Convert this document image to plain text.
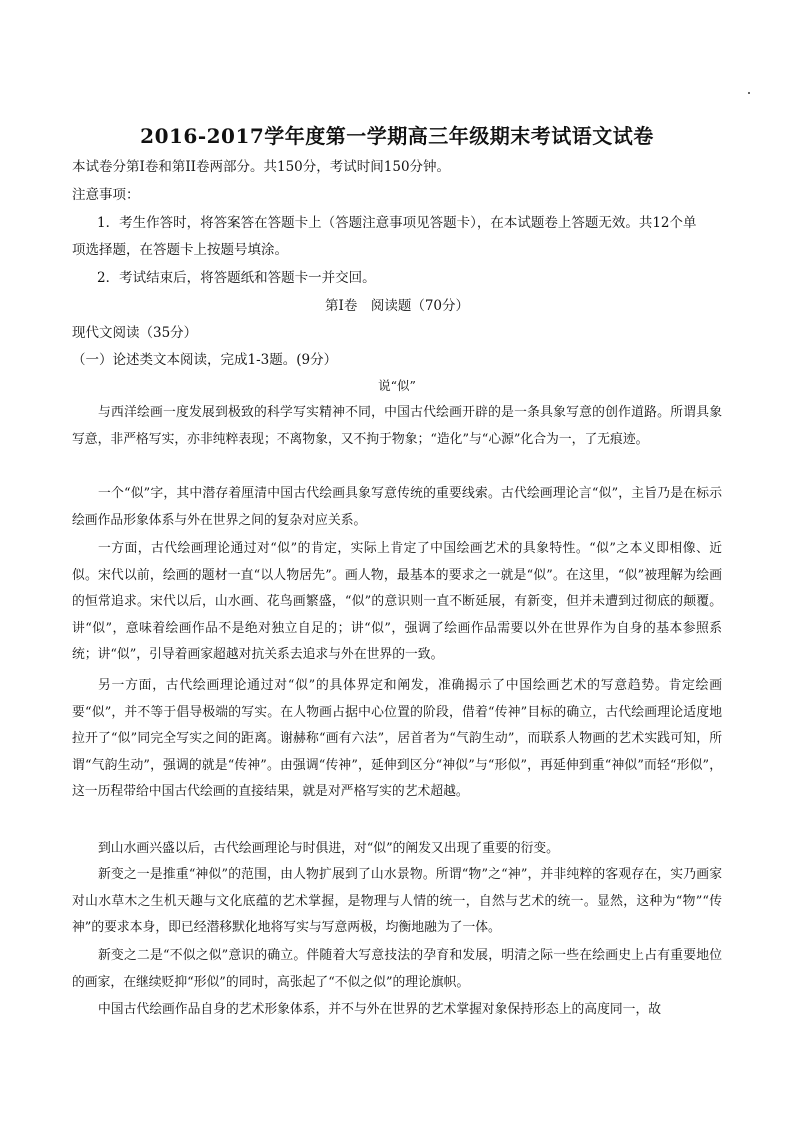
2016-2017学年度第一学期高三年级期末考试语文试卷
本试卷分第I卷和第II卷两部分。共150分，考试时间150分钟。
注意事项：
1．考生作答时，将答案答在答题卡上（答题注意事项见答题卡），在本试题卷上答题无效。共12个单
项选择题，在答题卡上按题号填涂。
2．考试结束后，将答题纸和答题卡一并交回。
第I卷　阅读题（70分）
现代文阅读（35分）
（一）论述类文本阅读，完成1-3题。(9分）
说“似”
与西洋绘画一度发展到极致的科学写实精神不同，中国古代绘画开辟的是一条具象写意的创作道路。所谓具象写意，非严格写实，亦非纯粹表现；不离物象，又不拘于物象；“造化”与“心源”化合为一，了无痕迹。
一个“似”字，其中潜存着厘清中国古代绘画具象写意传统的重要线索。古代绘画理论言“似”，主旨乃是在标示绘画作品形象体系与外在世界之间的复杂对应关系。
一方面，古代绘画理论通过对“似”的肯定，实际上肯定了中国绘画艺术的具象特性。“似”之本义即相像、近似。宋代以前，绘画的题材一直“以人物居先”。画人物，最基本的要求之一就是“似”。在这里，“似”被理解为绘画的恒常追求。宋代以后，山水画、花鸟画繁盛，“似”的意识则一直不断延展，有新变，但并未遭到过彻底的颠覆。讲“似”，意味着绘画作品不是绝对独立自足的；讲“似”，强调了绘画作品需要以外在世界作为自身的基本参照系统；讲“似”，引导着画家超越对抗关系去追求与外在世界的一致。
另一方面，古代绘画理论通过对“似”的具体界定和阐发，准确揭示了中国绘画艺术的写意趋势。肯定绘画要“似”，并不等于倡导极端的写实。在人物画占据中心位置的阶段，借着“传神”目标的确立，古代绘画理论适度地拉开了“似”同完全写实之间的距离。谢赫称“画有六法”，居首者为“气韵生动”，而联系人物画的艺术实践可知，所谓“气韵生动”，强调的就是“传神”。由强调“传神”，延伸到区分“神似”与“形似”，再延伸到重“神似”而轻“形似”，这一历程带给中国古代绘画的直接结果，就是对严格写实的艺术超越。
到山水画兴盛以后，古代绘画理论与时俱进，对“似”的阐发又出现了重要的衍变。
新变之一是推重“神似”的范围，由人物扩展到了山水景物。所谓“物”之“神”，并非纯粹的客观存在，实乃画家对山水草木之生机天趣与文化底蕴的艺术掌握，是物理与人情的统一，自然与艺术的统一。显然，这种为“物”“传神”的要求本身，即已经潜移默化地将写实与写意两极，均衡地融为了一体。
新变之二是“不似之似”意识的确立。伴随着大写意技法的孕育和发展，明清之际一些在绘画史上占有重要地位的画家，在继续贬抑“形似”的同时，高张起了“不似之似”的理论旗帜。
中国古代绘画作品自身的艺术形象体系，并不与外在世界的艺术掌握对象保持形态上的高度同一，故
